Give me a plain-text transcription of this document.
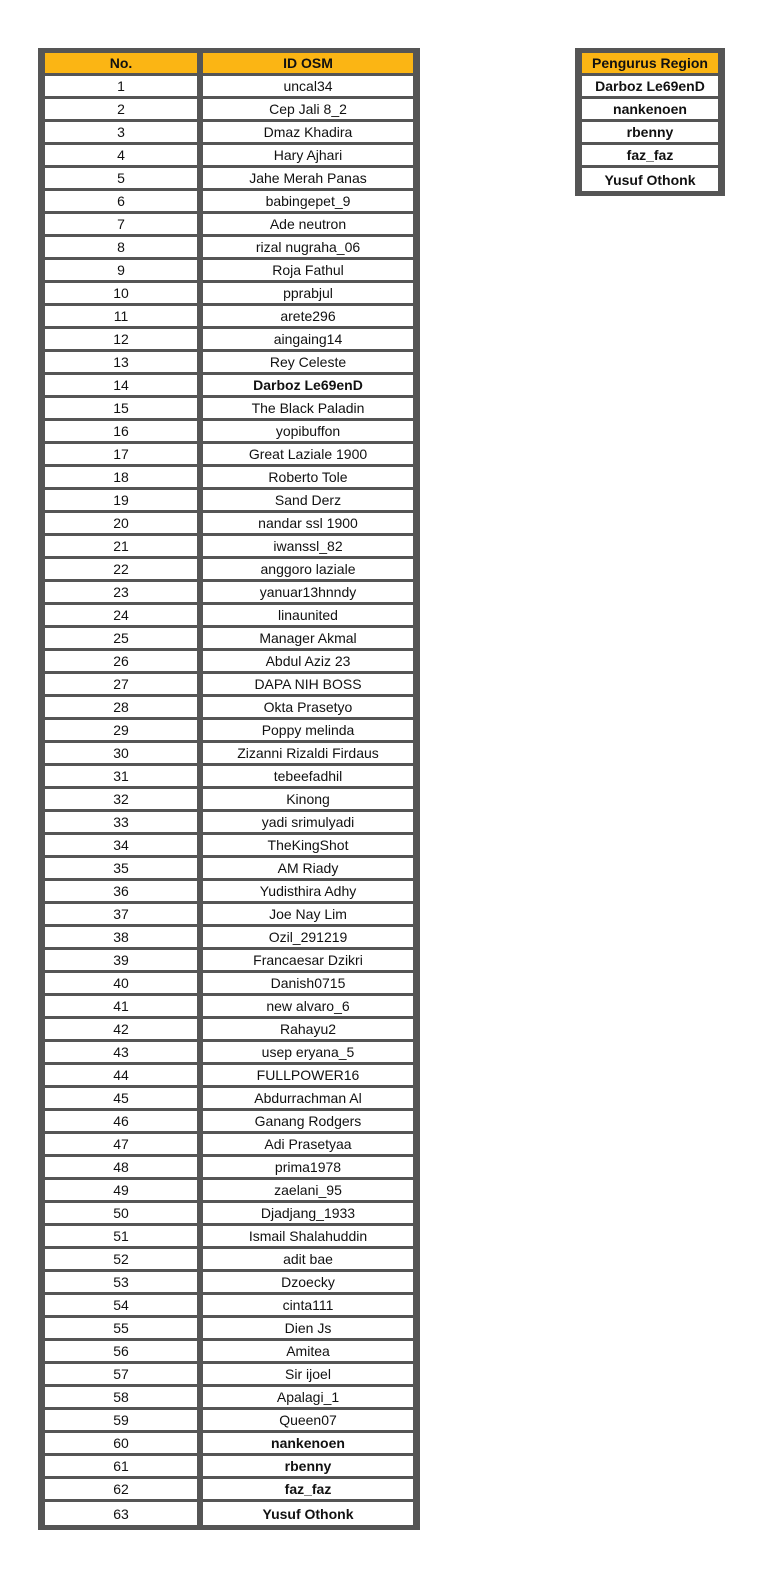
No.	ID OSM
1	uncal34
2	Cep Jali 8_2
3	Dmaz Khadira
4	Hary Ajhari
5	Jahe Merah Panas
6	babingepet_9
7	Ade neutron
8	rizal nugraha_06
9	Roja Fathul
10	pprabjul
11	arete296
12	aingaing14
13	Rey Celeste
14	Darboz Le69enD
15	The Black Paladin
16	yopibuffon
17	Great Laziale 1900
18	Roberto Tole
19	Sand Derz
20	nandar ssl 1900
21	iwanssl_82
22	anggoro laziale
23	yanuar13hnndy
24	linaunited
25	Manager Akmal
26	Abdul Aziz 23
27	DAPA NIH BOSS
28	Okta Prasetyo
29	Poppy melinda
30	Zizanni Rizaldi Firdaus
31	tebeefadhil
32	Kinong
33	yadi srimulyadi
34	TheKingShot
35	AM Riady
36	Yudisthira Adhy
37	Joe Nay Lim
38	Ozil_291219
39	Francaesar Dzikri
40	Danish0715
41	new alvaro_6
42	Rahayu2
43	usep eryana_5
44	FULLPOWER16
45	Abdurrachman Al
46	Ganang Rodgers
47	Adi Prasetyaa
48	prima1978
49	zaelani_95
50	Djadjang_1933
51	Ismail Shalahuddin
52	adit bae
53	Dzoecky
54	cinta111
55	Dien Js
56	Amitea
57	Sir ijoel
58	Apalagi_1
59	Queen07
60	nankenoen
61	rbenny
62	faz_faz
63	Yusuf Othonk
Pengurus Region
Darboz Le69enD
nankenoen
rbenny
faz_faz
Yusuf Othonk
